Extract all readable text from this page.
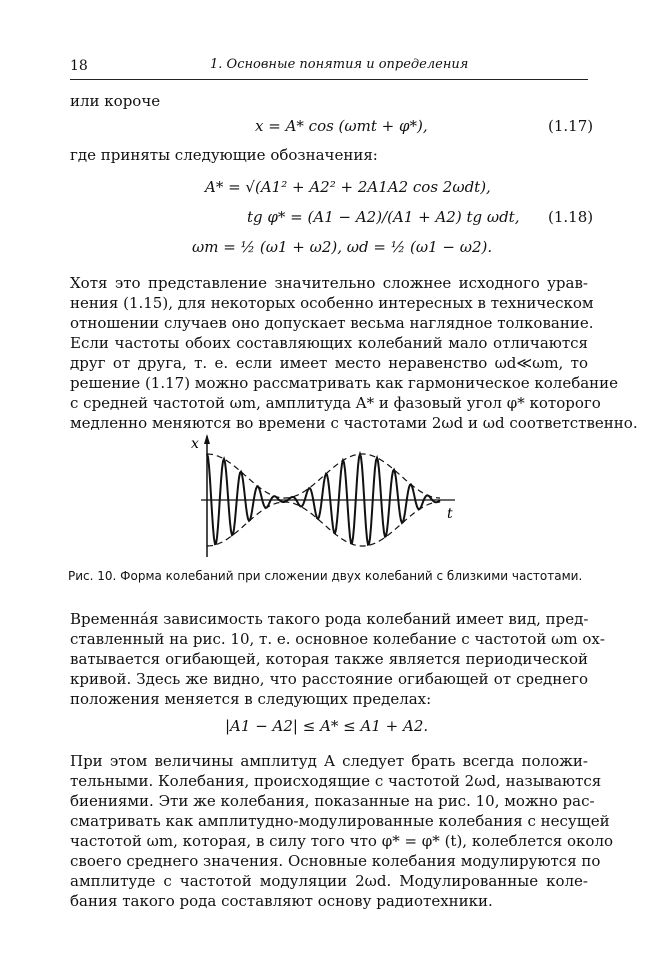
18	1. Основные понятия и определения
или короче
x = A* cos (ωmt + φ*),	(1.17)
где приняты следующие обозначения:
A* = √(A1² + A2² + 2A1A2 cos 2ωdt),
tg φ* = (A1 − A2)/(A1 + A2) tg ωdt, (1.18)
ωm = ½ (ω1 + ω2), ωd = ½ (ω1 − ω2).
Хотя это представление значительно сложнее исходного урав-
нения (1.15), для некоторых особенно интересных в техническом
отношении случаев оно допускает весьма наглядное толкование.
Если частоты обоих составляющих колебаний мало отличаются
друг от друга, т. е. если имеет место неравенство ωd≪ωm, то
решение (1.17) можно рассматривать как гармоническое колебание
с средней частотой ωm, амплитуда A* и фазовый угол φ* которого
медленно меняются во времени с частотами 2ωd и ωd соответственно.
x
t
Рис. 10. Форма колебаний при сложении двух колебаний с близкими частотами.
Временнáя зависимость такого рода колебаний имеет вид, пред-
ставленный на рис. 10, т. е. основное колебание с частотой ωm ох-
ватывается огибающей, которая также является периодической
кривой. Здесь же видно, что расстояние огибающей от среднего
положения меняется в следующих пределах:
|A1 − A2| ≤ A* ≤ A1 + A2.
При этом величины амплитуд A следует брать всегда положи-
тельными. Колебания, происходящие с частотой 2ωd, называются
биениями. Эти же колебания, показанные на рис. 10, можно рас-
сматривать как амплитудно-модулированные колебания с несущей
частотой ωm, которая, в силу того что φ* = φ* (t), колеблется около
своего среднего значения. Основные колебания модулируются по
амплитуде с частотой модуляции 2ωd. Модулированные коле-
бания такого рода составляют основу радиотехники.
